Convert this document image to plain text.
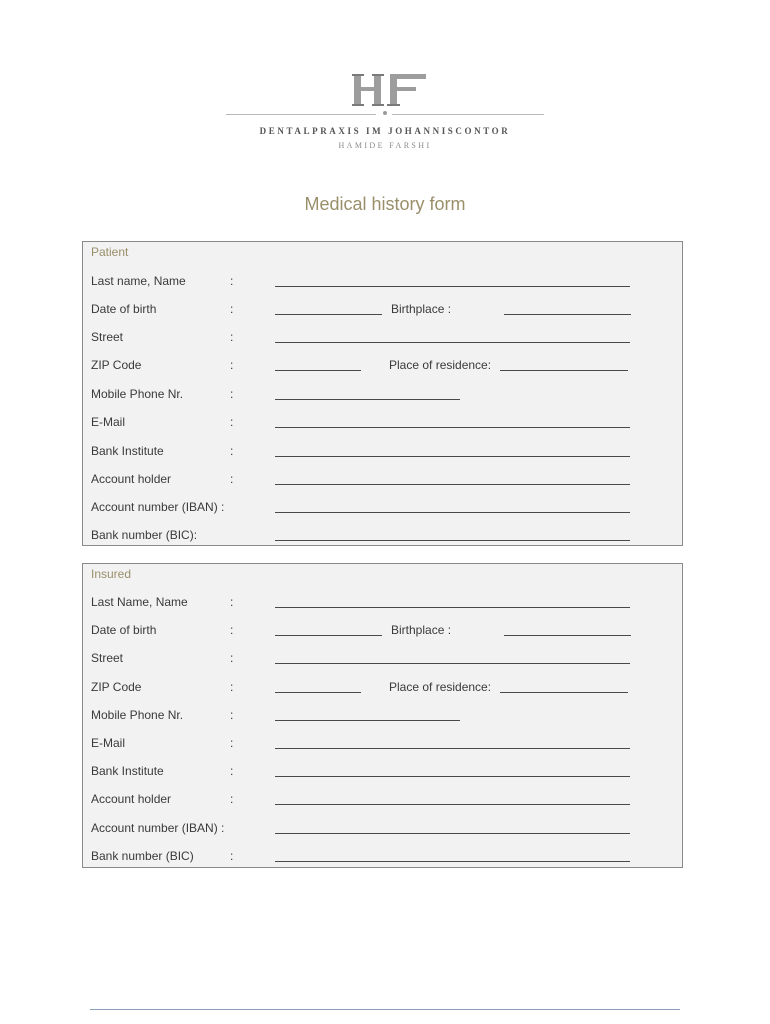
DENTALPRAXIS IM JOHANNISCONTOR
HAMIDE FARSHI
Medical history form
Patient
Last name, Name	:
Date of birth	:	Birthplace :
Street	:
ZIP Code	:	Place of residence:
Mobile Phone Nr.	:
E-Mail	:
Bank Institute	:
Account holder	:
Account number (IBAN) :
Bank number (BIC):
Insured
Last Name, Name	:
Date of birth	:	Birthplace :
Street	:
ZIP Code	:	Place of residence:
Mobile Phone Nr.	:
E-Mail	:
Bank Institute	:
Account holder	:
Account number (IBAN) :
Bank number (BIC)	:
